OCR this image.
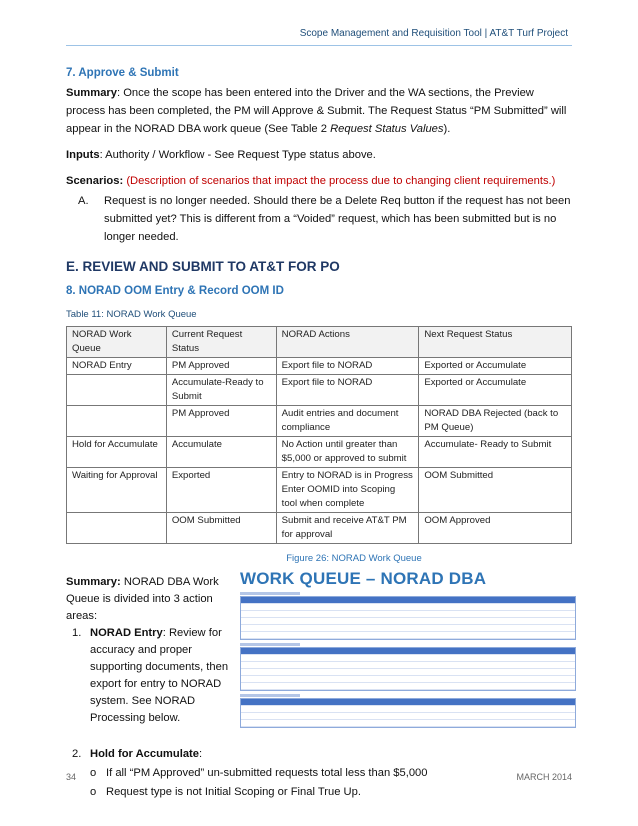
Scope Management and Requisition Tool | AT&T Turf Project
7. Approve & Submit

Summary: Once the scope has been entered into the Driver and the WA sections, the Preview process has been completed, the PM will Approve & Submit. The Request Status “PM Submitted” will appear in the NORAD DBA work queue (See Table 2 Request Status Values).

Inputs: Authority / Workflow - See Request Type status above.

Scenarios: (Description of scenarios that impact the process due to changing client requirements.)

A.	Request is no longer needed. Should there be a Delete Req button if the request has not been submitted yet? This is different from a “Voided” request, which has been submitted but is no longer needed.
E. REVIEW AND SUBMIT TO AT&T FOR PO
8. NORAD OOM Entry & Record OOM ID
Table 11: NORAD Work Queue
NORAD Work Queue	Current Request Status	NORAD Actions	Next Request Status
NORAD Entry	PM Approved	Export file to NORAD	Exported or Accumulate
	Accumulate-Ready to Submit	Export file to NORAD	Exported or Accumulate
	PM Approved	Audit entries and document compliance	NORAD DBA Rejected (back to PM Queue)
Hold for Accumulate	Accumulate	No Action until greater than $5,000 or approved to submit	Accumulate- Ready to Submit
Waiting for Approval	Exported	Entry to NORAD is in Progress Enter OOMID into Scoping tool when complete	OOM Submitted
	OOM Submitted	Submit and receive AT&T PM for approval	OOM Approved
Figure 26: NORAD Work Queue
Summary: NORAD DBA Work Queue is divided into 3 action areas:
1. NORAD Entry: Review for accuracy and proper supporting documents, then export for entry to NORAD system. See NORAD Processing below.
WORK QUEUE – NORAD DBA
2. Hold for Accumulate:
o If all “PM Approved” un-submitted requests total less than $5,000
o Request type is not Initial Scoping or Final True Up.
34	MARCH 2014
